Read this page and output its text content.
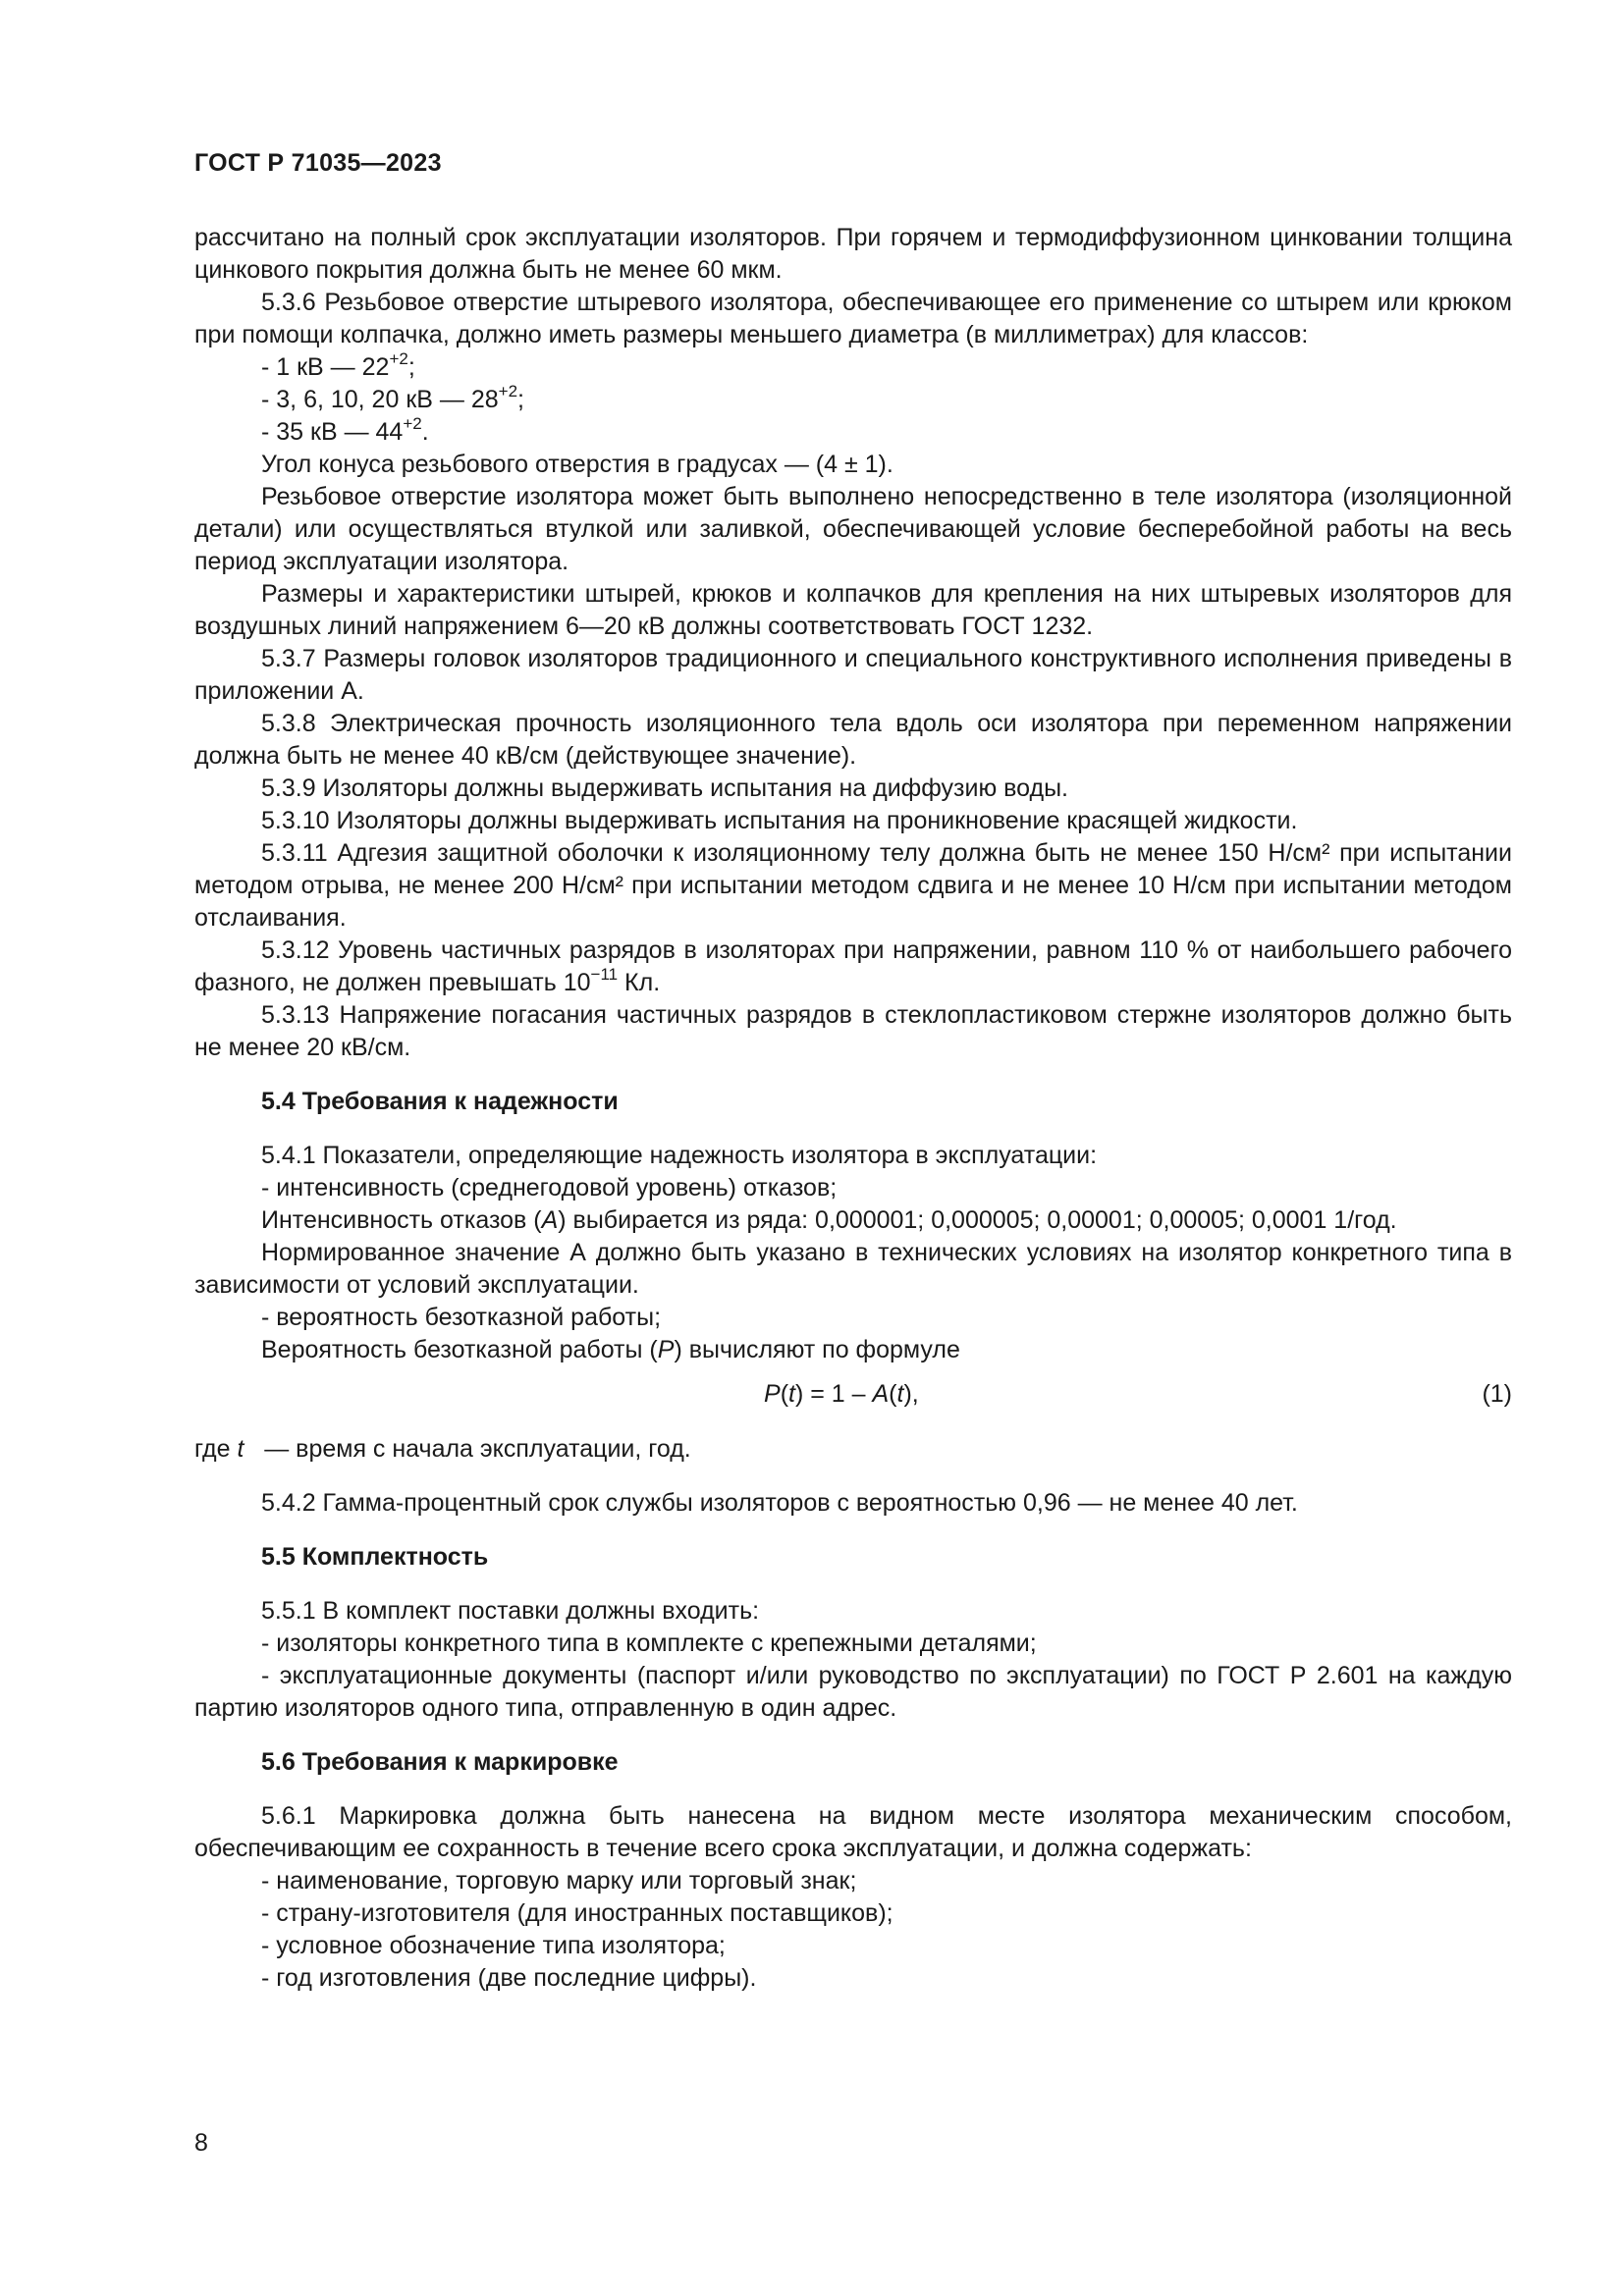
ГОСТ Р 71035—2023

рассчитано на полный срок эксплуатации изоляторов. При горячем и термодиффузионном цинковании толщина цинкового покрытия должна быть не менее 60 мкм.

5.3.6 Резьбовое отверстие штыревого изолятора, обеспечивающее его применение со штырем или крюком при помощи колпачка, должно иметь размеры меньшего диаметра (в миллиметрах) для классов:

- 1 кВ — $22^{+2}$;

- 3, 6, 10, 20 кВ — $28^{+2}$;

- 35 кВ — $44^{+2}$.

Угол конуса резьбового отверстия в градусах — (4 ± 1).

Резьбовое отверстие изолятора может быть выполнено непосредственно в теле изолятора (изоляционной детали) или осуществляться втулкой или заливкой, обеспечивающей условие бесперебойной работы на весь период эксплуатации изолятора.

Размеры и характеристики штырей, крюков и колпачков для крепления на них штыревых изоляторов для воздушных линий напряжением 6—20 кВ должны соответствовать ГОСТ 1232.

5.3.7 Размеры головок изоляторов традиционного и специального конструктивного исполнения приведены в приложении А.

5.3.8 Электрическая прочность изоляционного тела вдоль оси изолятора при переменном напряжении должна быть не менее 40 кВ/см (действующее значение).

5.3.9 Изоляторы должны выдерживать испытания на диффузию воды.

5.3.10 Изоляторы должны выдерживать испытания на проникновение красящей жидкости.

5.3.11 Адгезия защитной оболочки к изоляционному телу должна быть не менее 150 Н/см² при испытании методом отрыва, не менее 200 Н/см² при испытании методом сдвига и не менее 10 Н/см при испытании методом отслаивания.

5.3.12 Уровень частичных разрядов в изоляторах при напряжении, равном 110 % от наибольшего рабочего фазного, не должен превышать $10^{-11}$ Кл.

5.3.13 Напряжение погасания частичных разрядов в стеклопластиковом стержне изоляторов должно быть не менее 20 кВ/см.

5.4 Требования к надежности

5.4.1 Показатели, определяющие надежность изолятора в эксплуатации:

- интенсивность (среднегодовой уровень) отказов;

Интенсивность отказов (A) выбирается из ряда: 0,000001; 0,000005; 0,00001; 0,00005; 0,0001 1/год.

Нормированное значение А должно быть указано в технических условиях на изолятор конкретного типа в зависимости от условий эксплуатации.

- вероятность безотказной работы;

Вероятность безотказной работы (P) вычисляют по формуле

P(t) = 1 – A(t),	(1)

где t   — время с начала эксплуатации, год.

5.4.2 Гамма-процентный срок службы изоляторов с вероятностью 0,96 — не менее 40 лет.

5.5 Комплектность

5.5.1 В комплект поставки должны входить:

- изоляторы конкретного типа в комплекте с крепежными деталями;

- эксплуатационные документы (паспорт и/или руководство по эксплуатации) по ГОСТ Р 2.601 на каждую партию изоляторов одного типа, отправленную в один адрес.

5.6 Требования к маркировке

5.6.1 Маркировка должна быть нанесена на видном месте изолятора механическим способом, обеспечивающим ее сохранность в течение всего срока эксплуатации, и должна содержать:

- наименование, торговую марку или торговый знак;

- страну-изготовителя (для иностранных поставщиков);

- условное обозначение типа изолятора;

- год изготовления (две последние цифры).

8
